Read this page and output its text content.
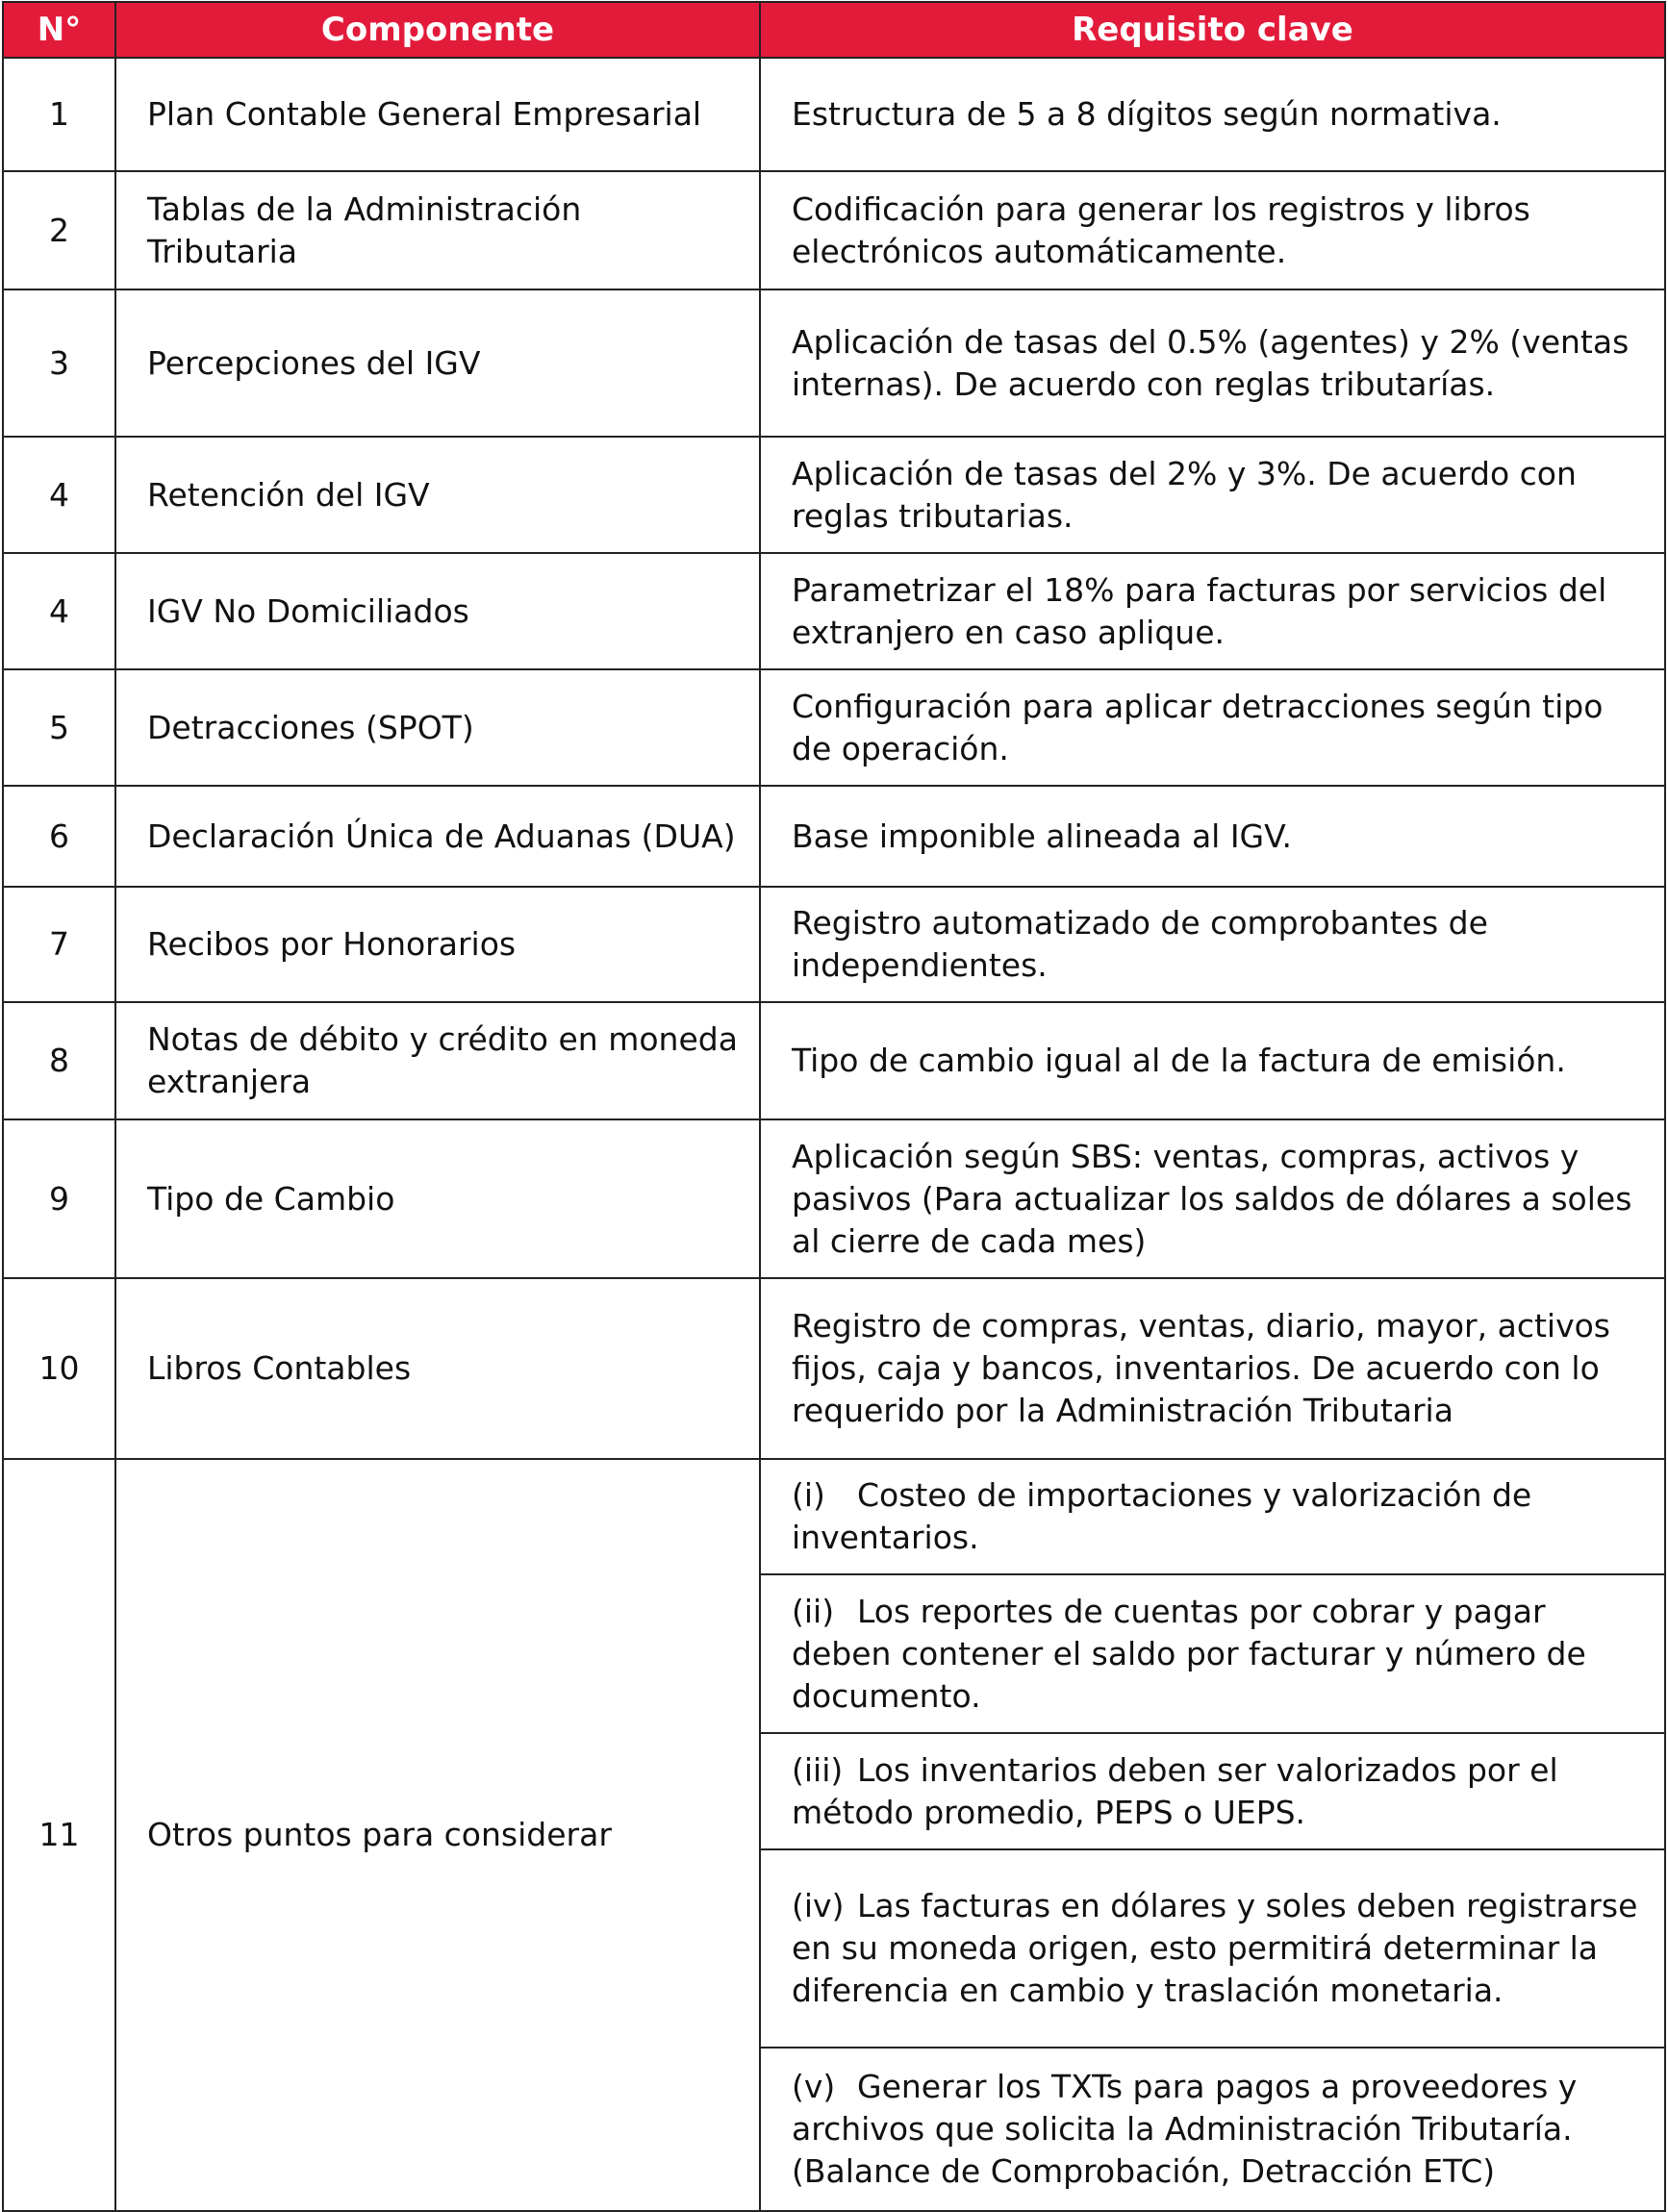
N°	Componente	Requisito clave
1	Plan Contable General Empresarial	Estructura de 5 a 8 dígitos según normativa.
2	Tablas de la Administración Tributaria	Codificación para generar los registros y libros electrónicos automáticamente.
3	Percepciones del IGV	Aplicación de tasas del 0.5% (agentes) y 2% (ventas internas). De acuerdo con reglas tributarías.
4	Retención del IGV	Aplicación de tasas del 2% y 3%. De acuerdo con reglas tributarias.
4	IGV No Domiciliados	Parametrizar el 18% para facturas por servicios del extranjero en caso aplique.
5	Detracciones (SPOT)	Configuración para aplicar detracciones según tipo de operación.
6	Declaración Única de Aduanas (DUA)	Base imponible alineada al IGV.
7	Recibos por Honorarios	Registro automatizado de comprobantes de independientes.
8	Notas de débito y crédito en moneda extranjera	Tipo de cambio igual al de la factura de emisión.
9	Tipo de Cambio	Aplicación según SBS: ventas, compras, activos y pasivos (Para actualizar los saldos de dólares a soles al cierre de cada mes)
10	Libros Contables	Registro de compras, ventas, diario, mayor, activos fijos, caja y bancos, inventarios. De acuerdo con lo requerido por la Administración Tributaria
11	Otros puntos para considerar	(i) Costeo de importaciones y valorización de inventarios.
		(ii) Los reportes de cuentas por cobrar y pagar deben contener el saldo por facturar y número de documento.
		(iii) Los inventarios deben ser valorizados por el método promedio, PEPS o UEPS.
		(iv) Las facturas en dólares y soles deben registrarse en su moneda origen, esto permitirá determinar la diferencia en cambio y traslación monetaria.
		(v) Generar los TXTs para pagos a proveedores y archivos que solicita la Administración Tributaría. (Balance de Comprobación, Detracción ETC)
